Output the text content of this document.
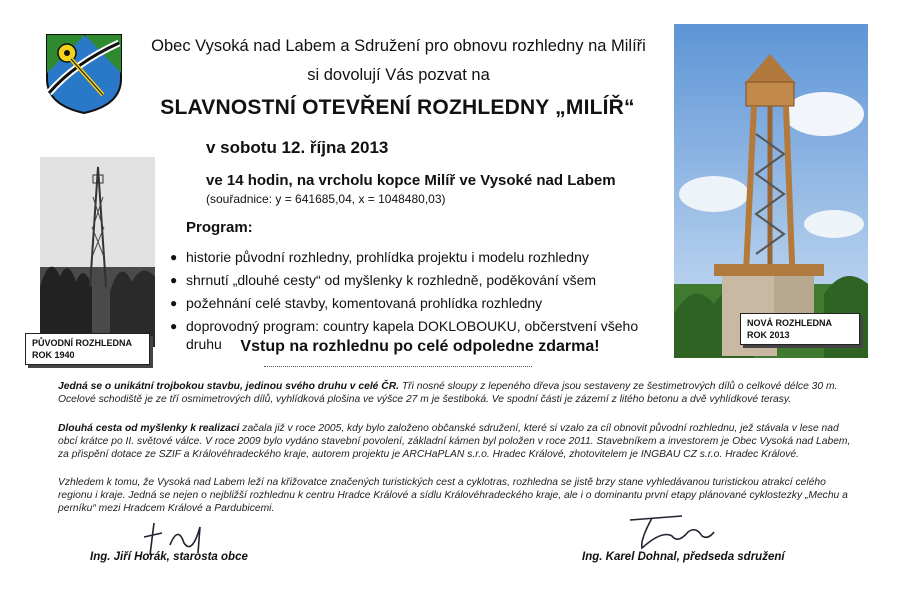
Obec Vysoká nad Labem a Sdružení pro obnovu rozhledny na Milíři
si dovolují Vás pozvat na
SLAVNOSTNÍ OTEVŘENÍ ROZHLEDNY „MILÍŘ“
v sobotu 12. října 2013
ve 14 hodin, na vrcholu kopce Milíř ve Vysoké nad Labem
(souřadnice: y = 641685,04, x = 1048480,03)
Program:
● historie původní rozhledny, prohlídka projektu i modelu rozhledny
● shrnutí „dlouhé cesty“ od myšlenky k rozhledně, poděkování všem
● požehnání celé stavby, komentovaná prohlídka rozhledny
● doprovodný program: country kapela DOKLOBOUKU, občerstvení všeho druhu	Vstup na rozhlednu po celé odpoledne zdarma!
PŮVODNÍ ROZHLEDNA
ROK 1940
NOVÁ ROZHLEDNA
ROK 2013
Jedná se o unikátní trojbokou stavbu, jedinou svého druhu v celé ČR. Tři nosné sloupy z lepeného dřeva jsou sestaveny ze šestimetrových dílů o celkové délce 30 m. Ocelové schodiště je ze tří osmimetrových dílů, vyhlídková plošina ve výšce 27 m je šestiboká. Ve spodní části je zázemí z litého betonu a dvě vyhlídkové terasy.
Dlouhá cesta od myšlenky k realizaci začala již v roce 2005, kdy bylo založeno občanské sdružení, které si vzalo za cíl obnovit původní rozhlednu, jež stávala v lese nad obcí krátce po II. světové válce. V roce 2009 bylo vydáno stavební povolení, základní kámen byl položen v roce 2011. Stavebníkem a investorem je Obec Vysoká nad Labem, za přispění dotace ze SZIF a Královéhradeckého kraje, autorem projektu je ARCHaPLAN s.r.o. Hradec Králové, zhotovitelem je INGBAU CZ s.r.o. Hradec Králové.
Vzhledem k tomu, že Vysoká nad Labem leží na křižovatce značených turistických cest a cyklotras, rozhledna se jistě brzy stane vyhledávanou turistickou atrakcí celého regionu i kraje. Jedná se nejen o nejbližší rozhlednu k centru Hradce Králové a sídlu Královéhradeckého kraje, ale i o dominantu první etapy plánované cyklostezky „Mechu a perníku“ mezi Hradcem Králové a Pardubicemi.
Ing. Jiří Horák, starosta obce	Ing. Karel Dohnal, předseda sdružení
